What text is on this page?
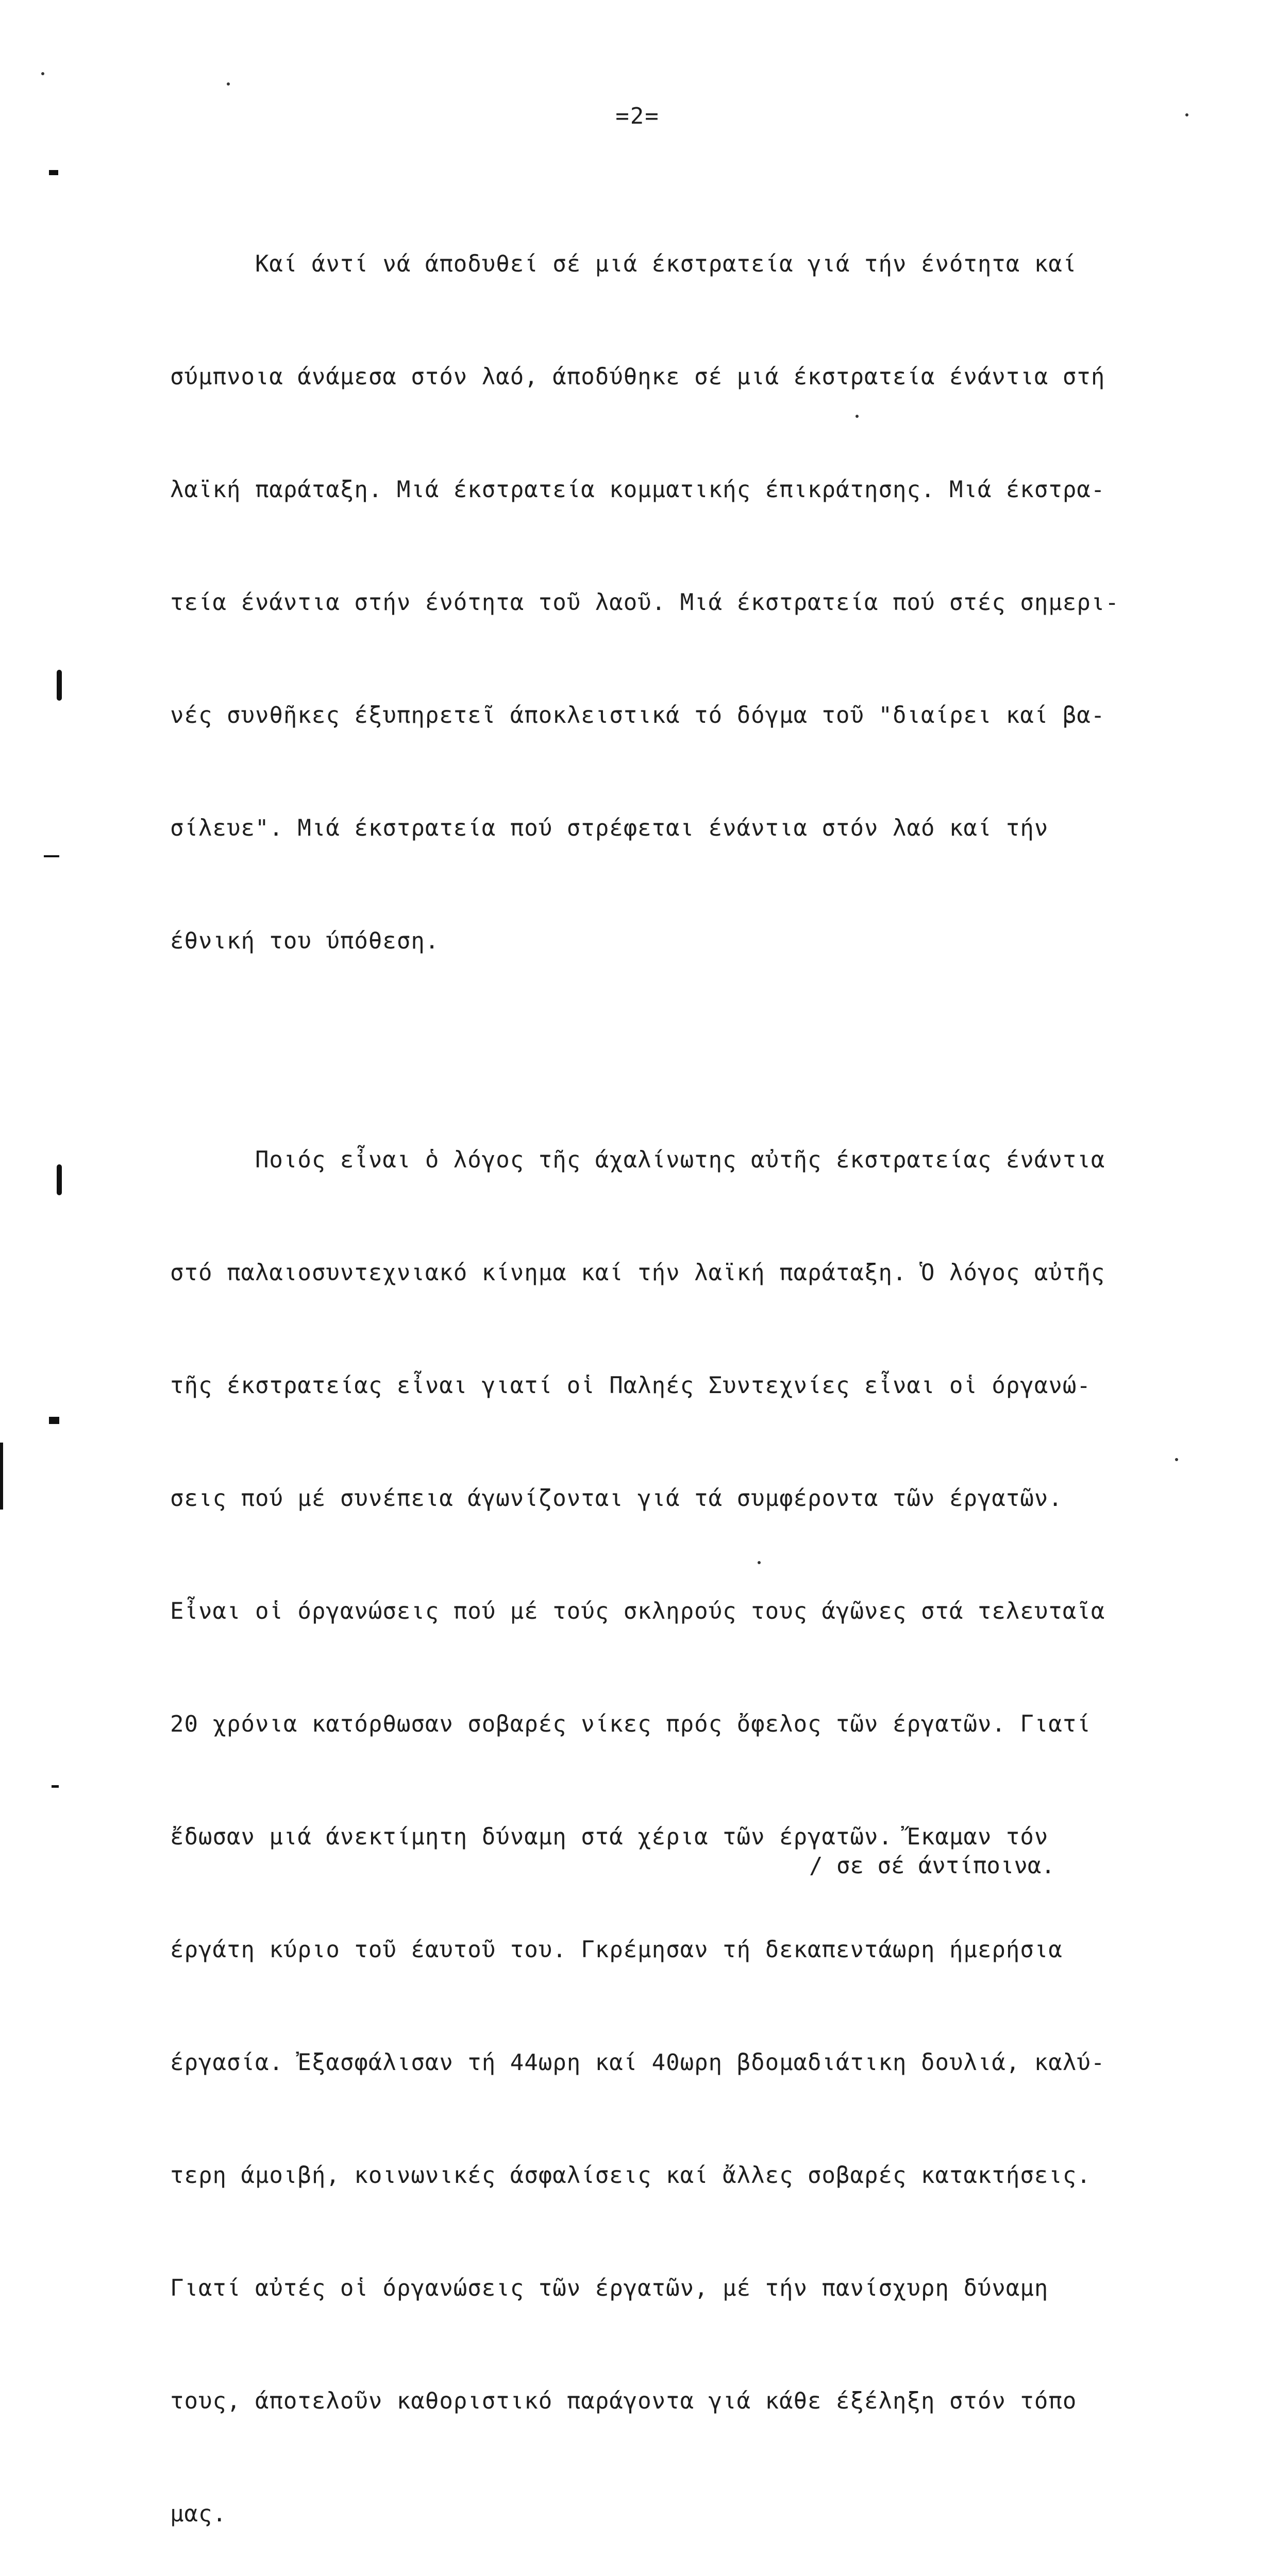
=2=

Καί άντί νά άποδυθεί σέ μιά έκστρατεία γιά τήν ένότητα καί

σύμπνοια άνάμεσα στόν λαό, άποδύθηκε σέ μιά έκστρατεία ένάντια στή

λαϊκή παράταξη. Μιά έκστρατεία κομματικής έπικράτησης. Μιά έκστρα-

τεία ένάντια στήν ένότητα τοῦ λαοῦ. Μιά έκστρατεία πού στές σημερι-

νές συνθῆκες έξυπηρετεῖ άποκλειστικά τό δόγμα τοῦ "διαίρει καί βα-

σίλευε". Μιά έκστρατεία πού στρέφεται ένάντια στόν λαό καί τήν

έθνική του ύπόθεση.

Ποιός εἶναι ὁ λόγος τῆς άχαλίνωτης αὐτῆς έκστρατείας ένάντια

στό παλαιοσυντεχνιακό κίνημα καί τήν λαϊκή παράταξη. Ὁ λόγος αὐτῆς

τῆς έκστρατείας εἶναι γιατί οἱ Παληές Συντεχνίες εἶναι οἱ όργανώ-

σεις πού μέ συνέπεια άγωνίζονται γιά τά συμφέροντα τῶν έργατῶν.

Εἶναι οἱ όργανώσεις πού μέ τούς σκληρούς τους άγῶνες στά τελευταῖα

20 χρόνια κατόρθωσαν σοβαρές νίκες πρός ὄφελος τῶν έργατῶν. Γιατί

ἔδωσαν μιά άνεκτίμητη δύναμη στά χέρια τῶν έργατῶν. Ἔκαμαν τόν

έργάτη κύριο τοῦ έαυτοῦ του. Γκρέμησαν τή δεκαπεντάωρη ήμερήσια

έργασία. Ἐξασφάλισαν τή 44ωρη καί 40ωρη βδομαδιάτικη δουλιά, καλύ-

τερη άμοιβή, κοινωνικές άσφαλίσεις καί ἄλλες σοβαρές κατακτήσεις.

Γιατί αὐτές οἱ όργανώσεις τῶν έργατῶν, μέ τήν πανίσχυρη δύναμη

τους, άποτελοῦν καθοριστικό παράγοντα γιά κάθε έξέληξη στόν τόπο

μας.

/ σε σέ άντίποινα.
